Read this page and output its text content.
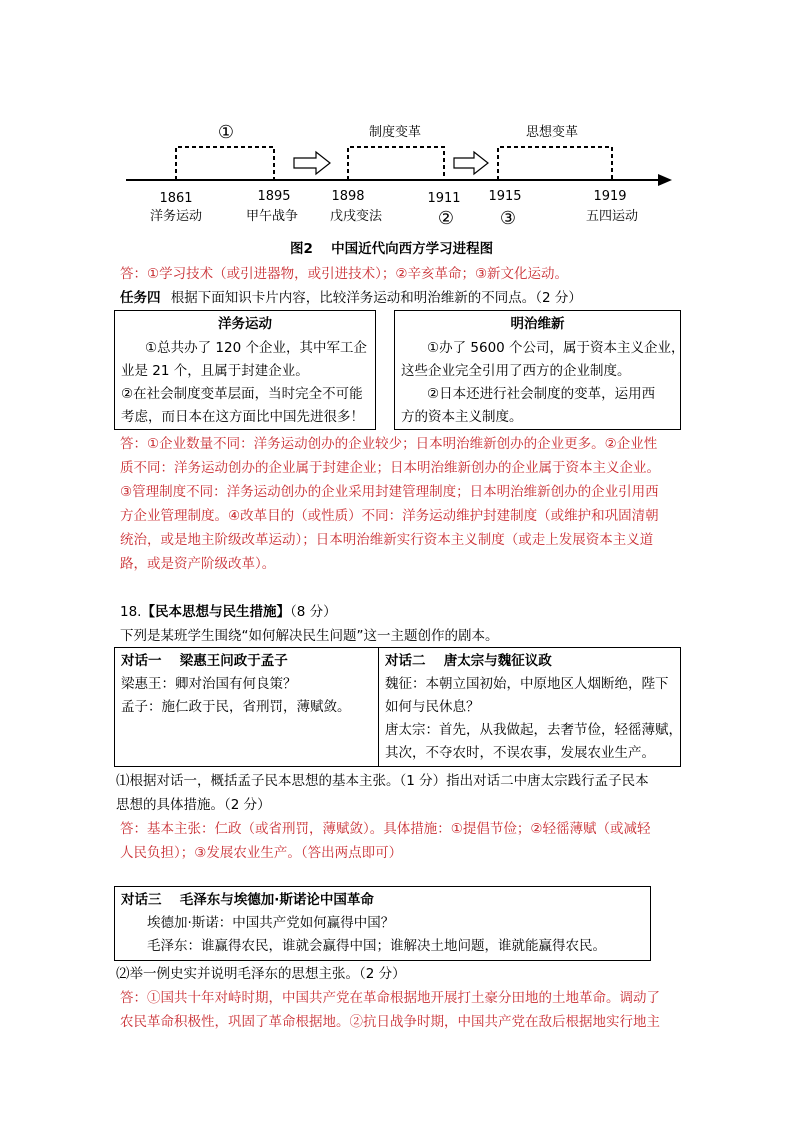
①	制度变革	思想变革
1861	1895	1898	1911 1915	1919
洋务运动	甲午战争 戊戌变法	②	③	五四运动
图2　 中国近代向西方学习进程图
答：①学习技术（或引进器物，或引进技术）；②辛亥革命；③新文化运动。
任务四 根据下面知识卡片内容，比较洋务运动和明治维新的不同点。（2 分）
洋务运动
①总共办了 120 个企业，其中军工企
业是 21 个，且属于封建企业。
②在社会制度变革层面，当时完全不可能
考虑，而日本在这方面比中国先进很多！
明治维新
①办了 5600 个公司，属于资本主义企业，
这些企业完全引用了西方的企业制度。
②日本还进行社会制度的变革，运用西
方的资本主义制度。
答：①企业数量不同：洋务运动创办的企业较少；日本明治维新创办的企业更多。②企业性
质不同：洋务运动创办的企业属于封建企业；日本明治维新创办的企业属于资本主义企业。
③管理制度不同：洋务运动创办的企业采用封建管理制度；日本明治维新创办的企业引用西
方企业管理制度。④改革目的（或性质）不同：洋务运动维护封建制度（或维护和巩固清朝
统治，或是地主阶级改革运动）；日本明治维新实行资本主义制度（或走上发展资本主义道
路，或是资产阶级改革）。
18.【民本思想与民生措施】（8 分）
下列是某班学生围绕“如何解决民生问题”这一主题创作的剧本。
对话一　 梁惠王问政于孟子
梁惠王：卿对治国有何良策？
孟子：施仁政于民，省刑罚，薄赋敛。
对话二　 唐太宗与魏征议政
魏征：本朝立国初始，中原地区人烟断绝，陛下
如何与民休息？
唐太宗：首先，从我做起，去奢节俭，轻徭薄赋，
其次，不夺农时，不误农事，发展农业生产。
⑴根据对话一，概括孟子民本思想的基本主张。（1 分）指出对话二中唐太宗践行孟子民本
思想的具体措施。（2 分）
答：基本主张：仁政（或省刑罚，薄赋敛）。具体措施：①提倡节俭；②轻徭薄赋（或减轻
人民负担）；③发展农业生产。（答出两点即可）
对话三　 毛泽东与埃德加·斯诺论中国革命
埃德加·斯诺：中国共产党如何赢得中国？
毛泽东：谁赢得农民，谁就会赢得中国；谁解决土地问题，谁就能赢得农民。
⑵举一例史实并说明毛泽东的思想主张。（2 分）
答：①国共十年对峙时期，中国共产党在革命根据地开展打土豪分田地的土地革命。调动了
农民革命积极性，巩固了革命根据地。②抗日战争时期，中国共产党在敌后根据地实行地主
